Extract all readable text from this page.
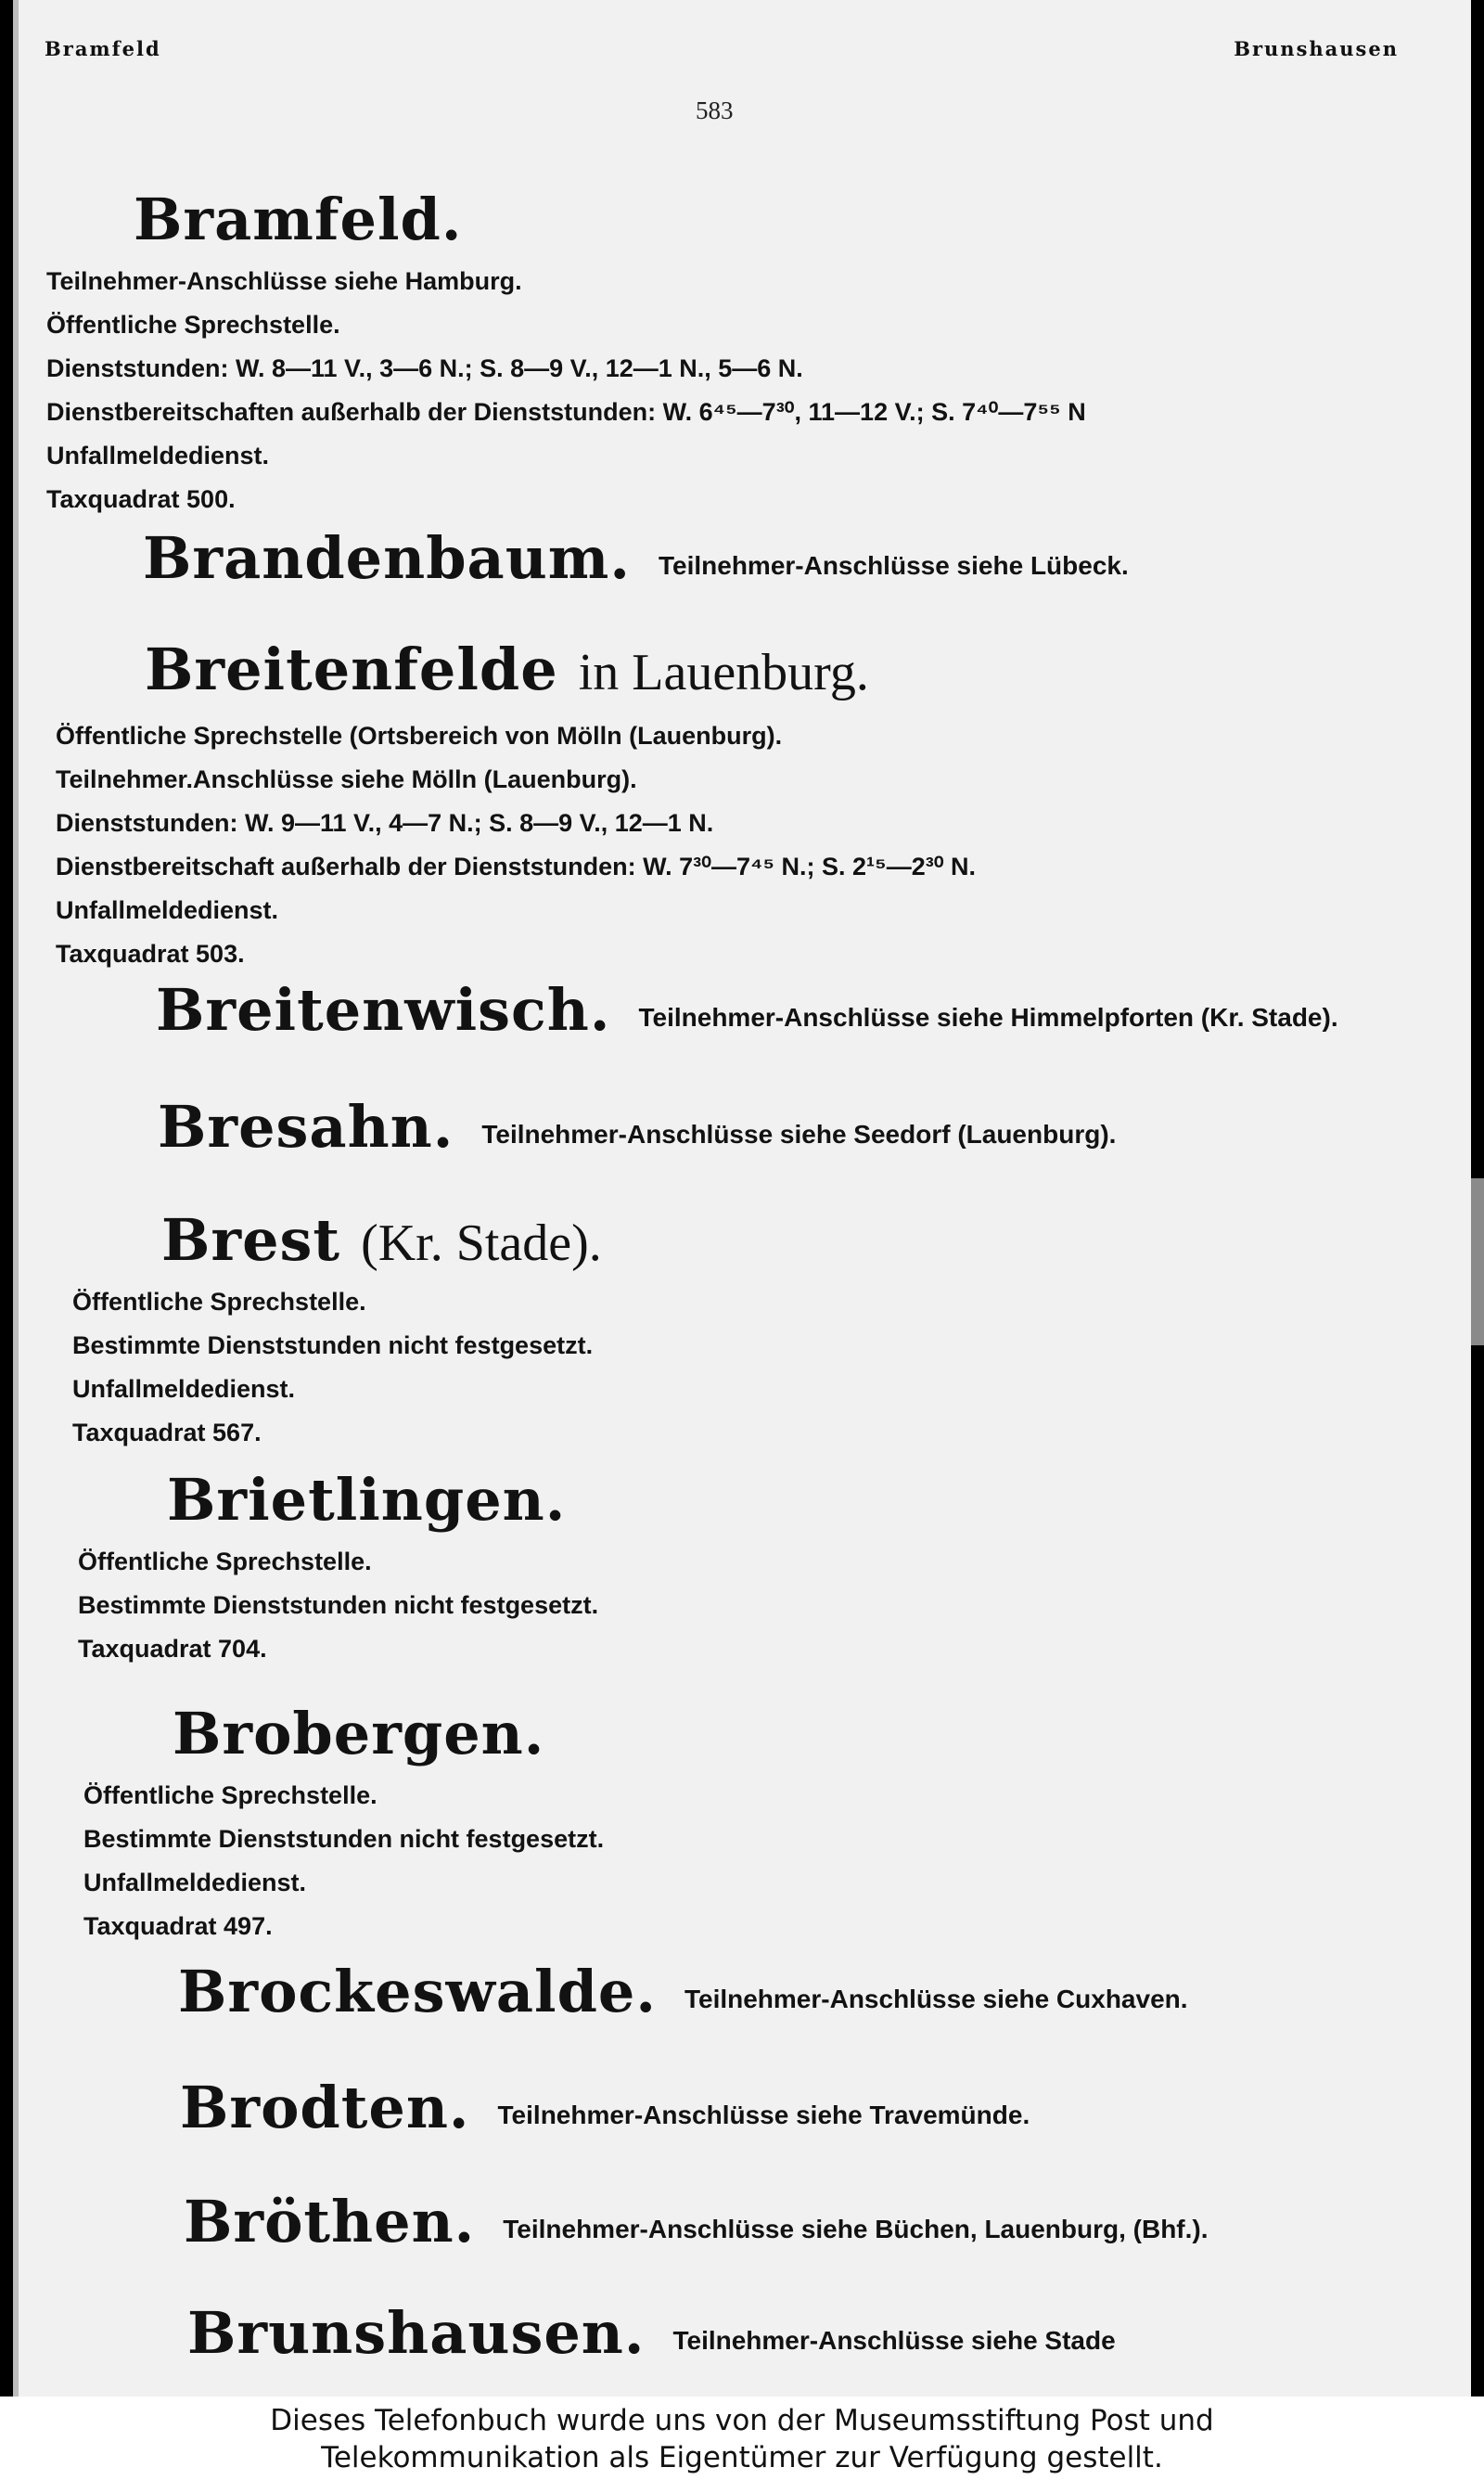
Bramfeld	Brunshausen
583
Bramfeld.
Teilnehmer-Anschlüsse siehe Hamburg.
Öffentliche Sprechstelle.
Dienststunden: W. 8—11 V., 3—6 N.; S. 8—9 V., 12—1 N., 5—6 N.
Dienstbereitschaften außerhalb der Dienststunden: W. 6⁴⁵—7³⁰, 11—12 V.; S. 7⁴⁰—7⁵⁵ N
Unfallmeldedienst.
Taxquadrat 500.
Brandenbaum. Teilnehmer-Anschlüsse siehe Lübeck.
Breitenfelde in Lauenburg.
Öffentliche Sprechstelle (Ortsbereich von Mölln (Lauenburg).
Teilnehmer.Anschlüsse siehe Mölln (Lauenburg).
Dienststunden: W. 9—11 V., 4—7 N.; S. 8—9 V., 12—1 N.
Dienstbereitschaft außerhalb der Dienststunden: W. 7³⁰—7⁴⁵ N.; S. 2¹⁵—2³⁰ N.
Unfallmeldedienst.
Taxquadrat 503.
Breitenwisch. Teilnehmer-Anschlüsse siehe Himmelpforten (Kr. Stade).
Bresahn. Teilnehmer-Anschlüsse siehe Seedorf (Lauenburg).
Brest (Kr. Stade).
Öffentliche Sprechstelle.
Bestimmte Dienststunden nicht festgesetzt.
Unfallmeldedienst.
Taxquadrat 567.
Brietlingen.
Öffentliche Sprechstelle.
Bestimmte Dienststunden nicht festgesetzt.
Taxquadrat 704.
Brobergen.
Öffentliche Sprechstelle.
Bestimmte Dienststunden nicht festgesetzt.
Unfallmeldedienst.
Taxquadrat 497.
Brockeswalde. Teilnehmer-Anschlüsse siehe Cuxhaven.
Brodten. Teilnehmer-Anschlüsse siehe Travemünde.
Bröthen. Teilnehmer-Anschlüsse siehe Büchen, Lauenburg, (Bhf.).
Brunshausen. Teilnehmer-Anschlüsse siehe Stade
Dieses Telefonbuch wurde uns von der Museumsstiftung Post und
Telekommunikation als Eigentümer zur Verfügung gestellt.
